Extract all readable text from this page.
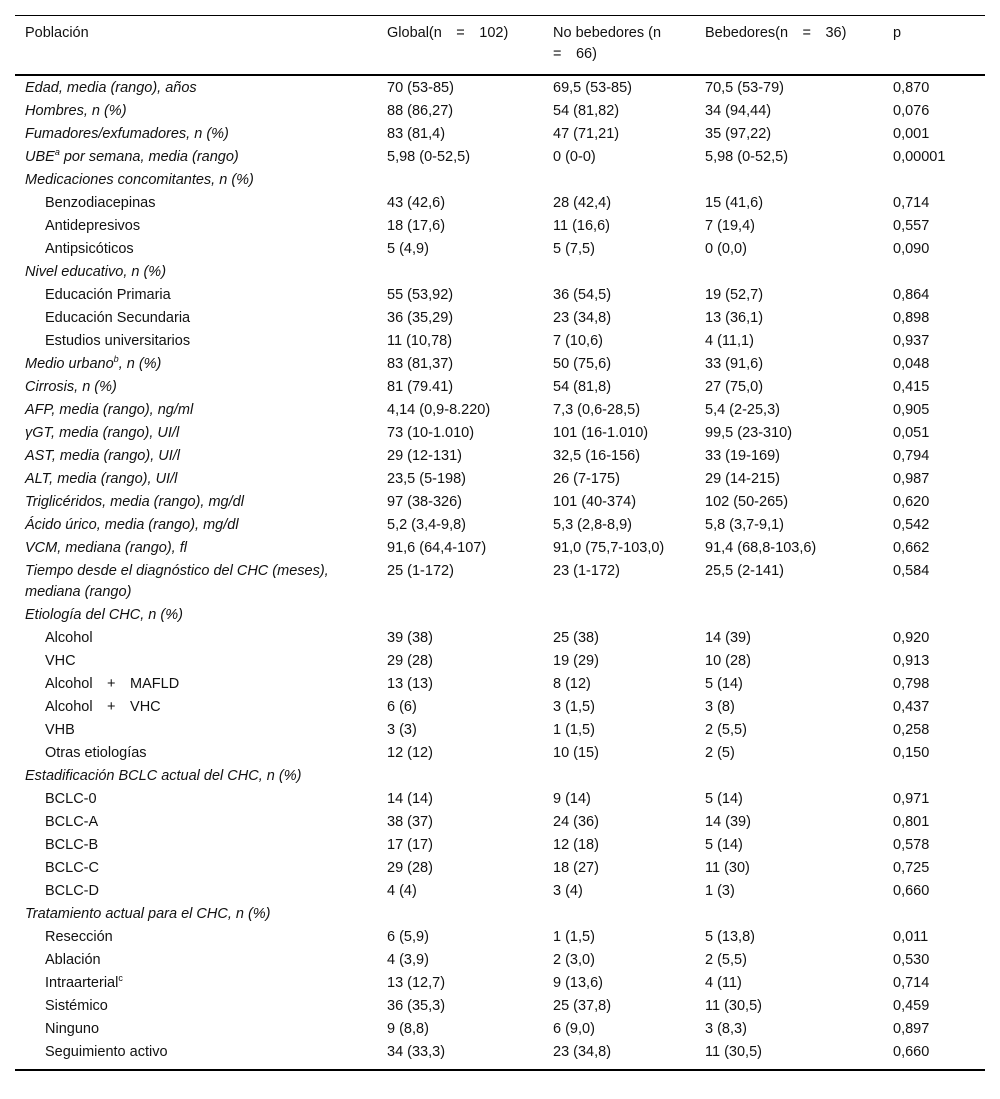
Población	Global(n  =  102)	No bebedores (n  =  66)	Bebedores(n  =  36)	p
Edad, media (rango), años	70 (53-85)	69,5 (53-85)	70,5 (53-79)	0,870
Hombres, n (%)	88 (86,27)	54 (81,82)	34 (94,44)	0,076
Fumadores/exfumadores, n (%)	83 (81,4)	47 (71,21)	35 (97,22)	0,001
UBE$^a$ por semana, media (rango)	5,98 (0-52,5)	0 (0-0)	5,98 (0-52,5)	0,00001
Medicaciones concomitantes, n (%)				
Benzodiacepinas	43 (42,6)	28 (42,4)	15 (41,6)	0,714
Antidepresivos	18 (17,6)	11 (16,6)	7 (19,4)	0,557
Antipsicóticos	5 (4,9)	5 (7,5)	0 (0,0)	0,090
Nivel educativo, n (%)				
Educación Primaria	55 (53,92)	36 (54,5)	19 (52,7)	0,864
Educación Secundaria	36 (35,29)	23 (34,8)	13 (36,1)	0,898
Estudios universitarios	11 (10,78)	7 (10,6)	4 (11,1)	0,937
Medio urbano$^b$, n (%)	83 (81,37)	50 (75,6)	33 (91,6)	0,048
Cirrosis, n (%)	81 (79.41)	54 (81,8)	27 (75,0)	0,415
AFP, media (rango), ng/ml	4,14 (0,9-8.220)	7,3 (0,6-28,5)	5,4 (2-25,3)	0,905
γGT, media (rango), UI/l	73 (10-1.010)	101 (16-1.010)	99,5 (23-310)	0,051
AST, media (rango), UI/l	29 (12-131)	32,5 (16-156)	33 (19-169)	0,794
ALT, media (rango), UI/l	23,5 (5-198)	26 (7-175)	29 (14-215)	0,987
Triglicéridos, media (rango), mg/dl	97 (38-326)	101 (40-374)	102 (50-265)	0,620
Ácido úrico, media (rango), mg/dl	5,2 (3,4-9,8)	5,3 (2,8-8,9)	5,8 (3,7-9,1)	0,542
VCM, mediana (rango), fl	91,6 (64,4-107)	91,0 (75,7-103,0)	91,4 (68,8-103,6)	0,662
Tiempo desde el diagnóstico del CHC (meses), mediana (rango)	25 (1-172)	23 (1-172)	25,5 (2-141)	0,584
Etiología del CHC, n (%)				
Alcohol	39 (38)	25 (38)	14 (39)	0,920
VHC	29 (28)	19 (29)	10 (28)	0,913
Alcohol  +  MAFLD	13 (13)	8 (12)	5 (14)	0,798
Alcohol  +  VHC	6 (6)	3 (1,5)	3 (8)	0,437
VHB	3 (3)	1 (1,5)	2 (5,5)	0,258
Otras etiologías	12 (12)	10 (15)	2 (5)	0,150
Estadificación BCLC actual del CHC, n (%)				
BCLC-0	14 (14)	9 (14)	5 (14)	0,971
BCLC-A	38 (37)	24 (36)	14 (39)	0,801
BCLC-B	17 (17)	12 (18)	5 (14)	0,578
BCLC-C	29 (28)	18 (27)	11 (30)	0,725
BCLC-D	4 (4)	3 (4)	1 (3)	0,660
Tratamiento actual para el CHC, n (%)				
Resección	6 (5,9)	1 (1,5)	5 (13,8)	0,011
Ablación	4 (3,9)	2 (3,0)	2 (5,5)	0,530
Intraarterial$^c$	13 (12,7)	9 (13,6)	4 (11)	0,714
Sistémico	36 (35,3)	25 (37,8)	11 (30,5)	0,459
Ninguno	9 (8,8)	6 (9,0)	3 (8,3)	0,897
Seguimiento activo	34 (33,3)	23 (34,8)	11 (30,5)	0,660
